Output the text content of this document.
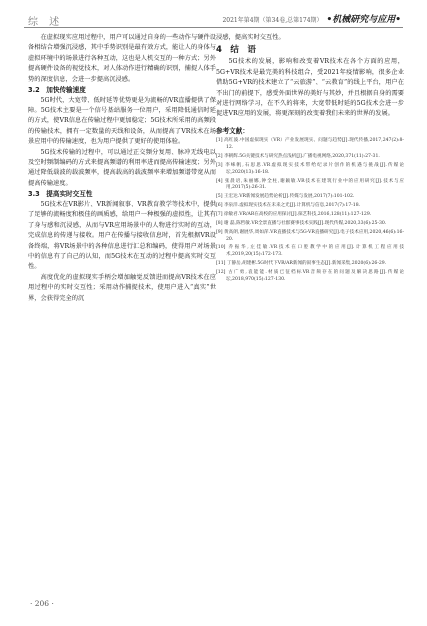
综 述	2021年第4期（第34卷,总第174期） •机械研究与应用•

在虚拟现实应用过程中，用户可以通过自身的一些动作与硬件设备相结合增强沉浸感，其中手势识别是最有效方式，能让人的身体与虚拟环境中的场景进行各种互动，这也是人机交互的一种方式；另外提高硬件设备的视觉技术，对人体动作进行精确的识别，捕捉人体手势的深度信息，会进一步提高沉浸感。

3.2　加快传输速度

5G时代，大宽带、低时延等优势更是为流畅的VR直播提供了保障。5G技术主要是一个信号基站服务一位用户，采用降低通信时延的方式，使VR信息在传输过程中更加稳定；5G技术所采用的高频段的传输技术，拥有一定数量的天线和设备，从而提高了VR技术在场景应用中的传输速度，也为用户提供了更好的使用体验。

5G技术传输的过程中，可以通过正交频分复用、脉冲无线电以及空时频制编码的方式来提高频谱的利用率进而提高传输速度；另外通过降低载波的载波频率，提高载高的载波频率来增加频谱带宽从而提高传输速度。

3.3　提高实时交互性

5G技术在VR影片、VR新闻叙事、VR教育教学等技术中，提供了足够的流畅度和极佳的画质感，给用户一种极强的虚拟性，让其有了身与感和沉浸感，从而与VR应用场景中的人物进行实时的互动，完成信息的传递与接收。用户在传播与接收信息时，首先根据VR设备终端，将VR场景中的各种信息进行汇总和编码，使得用户对场景中的信息有了自己的认知，而5G技术在互动的过程中提高实时交互性。

高度优化的虚拟现实手柄会增加触觉反馈进而提高VR技术在应用过程中的实时交互性；采用动作捕捉技术，使用户进入“真实”世界，会获得完全的沉

浸感，提高实时交互性。

4　结　语

5G技术的发展，影响和改变着VR技术在各个方面的应用，5G+VR技术是最完美的科技组合，受2021年疫情影响，很多企业借助5G+VR的技术建立了“云旅游”、“云教育”的线上平台，用户在不出门的前提下，感受外面世界的美好与其妙，并且根据自身的需要对进行网络学习，在不久的将来，大宽带低时延的5G技术会进一步促进VR应用的发展，将更深刻的改变着我们未来的世界的发展。

参考文献：

[1] 高红波.中国虚拟现实（VR）产业发展现实、问题与趋势[J].现代传播,2017,247(2):8-12.

[2] 李朝辉.5G关键技术与研究热点浅析[J].广播电视网络,2020,371(11):27-31.

[3] 李崃帆,石思思.VR虚拟现实技术带给纪录片创作的机遇与挑战[J].传媒论坛,2020(13):16-18.

[4] 张晨语,朱丽娜,钟全柱,谢颖敏.VR技术在建筑行业中的应用研究[J].技术与应用,2017(5):26-31.

[5] 王宏达.VR新闻发展趋势论析[J].传媒与发展,2017(7):101-102.

[6] 李泉洋.虚拟现实技术在未来之光[J].计算机与信息,2017(7):17-18.

[7] 徐敏君.VR/AR在高校的应用探讨[J].探艺科技,2016,128(11):127-129.

[8] 谢 磊,陈哲敏.VR全景直播与社群赛事技术实践[J].现代传媒,2020,33(6):25-30.

[9] 黄高朗,谢展华,周如萍.VR直播技术与5G-VR直播研究[J].电子技术应用,2020,46(6):16-20.

[10] 乔振华,左佳敏.VR技术在口腔教学中的应用[J].计算机工程应用技术,2019,20(15):172-173.

[11] 丁静岳,胡建彬.5G时代下VR/AR新闻的叙事生态[J].新闻采集,2020(6):26-29.

[12] 古广勇,袁能能.材质已征档标VR音频存在的问题及解决思路[J].传媒论坛,2018,970(15):127-130.

· 206 ·
